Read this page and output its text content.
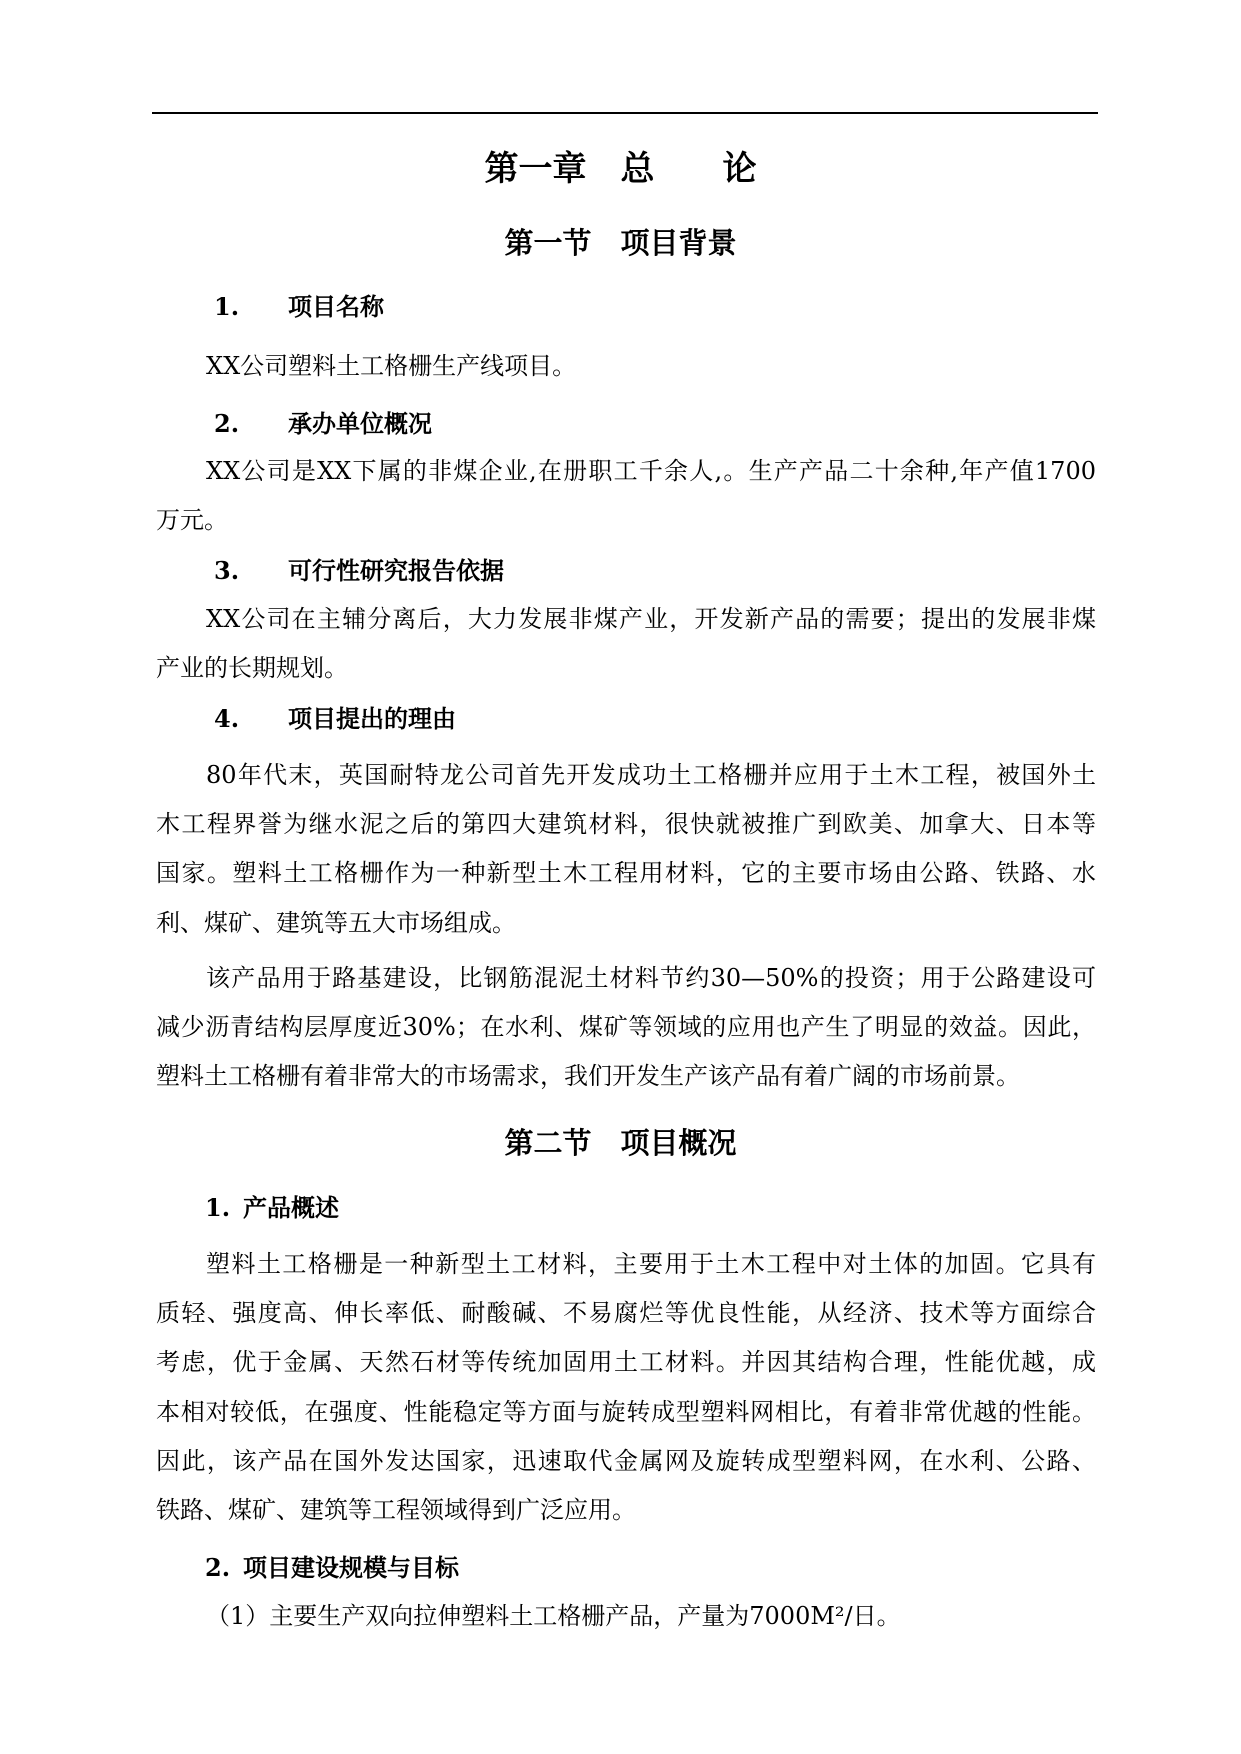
第一章　总　　论
第一节　项目背景
1.	项目名称
XX公司塑料土工格栅生产线项目。
2.	承办单位概况
XX公司是XX下属的非煤企业,在册职工千余人,。生产产品二十余种,年产值1700
万元。
3.	可行性研究报告依据
XX公司在主辅分离后，大力发展非煤产业，开发新产品的需要；提出的发展非煤
产业的长期规划。
4.	项目提出的理由
80年代末，英国耐特龙公司首先开发成功土工格栅并应用于土木工程，被国外土
木工程界誉为继水泥之后的第四大建筑材料，很快就被推广到欧美、加拿大、日本等
国家。塑料土工格栅作为一种新型土木工程用材料，它的主要市场由公路、铁路、水
利、煤矿、建筑等五大市场组成。
该产品用于路基建设，比钢筋混泥土材料节约30—50%的投资；用于公路建设可
减少沥青结构层厚度近30%；在水利、煤矿等领域的应用也产生了明显的效益。因此，
塑料土工格栅有着非常大的市场需求，我们开发生产该产品有着广阔的市场前景。
第二节　项目概况
1. 产品概述
塑料土工格栅是一种新型土工材料，主要用于土木工程中对土体的加固。它具有
质轻、强度高、伸长率低、耐酸碱、不易腐烂等优良性能，从经济、技术等方面综合
考虑，优于金属、天然石材等传统加固用土工材料。并因其结构合理，性能优越，成
本相对较低，在强度、性能稳定等方面与旋转成型塑料网相比，有着非常优越的性能。
因此，该产品在国外发达国家，迅速取代金属网及旋转成型塑料网，在水利、公路、
铁路、煤矿、建筑等工程领域得到广泛应用。
2. 项目建设规模与目标
（1）主要生产双向拉伸塑料土工格栅产品，产量为7000M²/日。
